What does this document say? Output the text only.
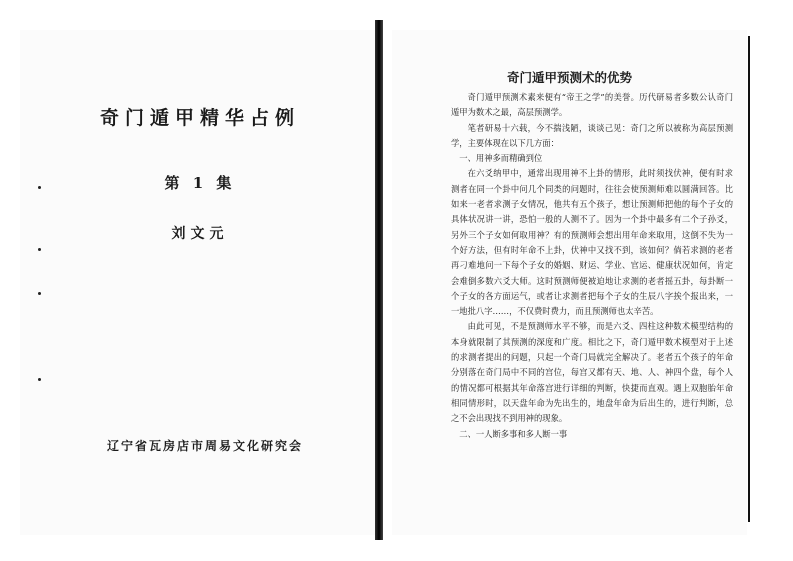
奇门遁甲精华占例
第 1 集
刘文元
辽宁省瓦房店市周易文化研究会
奇门遁甲预测术的优势

奇门遁甲预测术素来便有“帝王之学”的美誉。历代研易者多数公认奇门遁甲为数术之最，高层预测学。

笔者研易十六载，今不揣浅陋，谈谈己见：奇门之所以被称为高层预测学，主要体现在以下几方面：

一、用神多而精确到位

在六爻纳甲中，通常出现用神不上卦的情形，此时须找伏神，便有时求测者在同一个卦中问几个同类的问题时，往往会使预测师难以圆满回答。比如来一老者求测子女情况，他共有五个孩子，想让预测师把他的每个子女的具体状况讲一讲，恐怕一般的人测不了。因为一个卦中最多有二个子孙爻，另外三个子女如何取用神？有的预测师会想出用年命来取用，这倒不失为一个好方法，但有时年命不上卦，伏神中又找不到，该如何？倘若求测的老者再刁难地问一下每个子女的婚姻、财运、学业、官运、健康状况如何，肯定会难倒多数六爻大师。这时预测师便被迫地让求测的老者摇五卦，每卦断一个子女的各方面运气，或者让求测者把每个子女的生辰八字挨个报出来，一一地批八字……，不仅费时费力，而且预测师也太辛苦。

由此可见，不是预测师水平不够，而是六爻、四柱这种数术模型结构的本身就限制了其预测的深度和广度。相比之下，奇门遁甲数术模型对于上述的求测者提出的问题，只起一个奇门局就完全解决了。老者五个孩子的年命分别落在奇门局中不同的宫位，每宫又都有天、地、人、神四个盘，每个人的情况都可根据其年命落宫进行详细的判断，快捷而直观。遇上双胞胎年命相同情形时，以天盘年命为先出生的，地盘年命为后出生的，进行判断，总之不会出现找不到用神的现象。

二、一人断多事和多人断一事
